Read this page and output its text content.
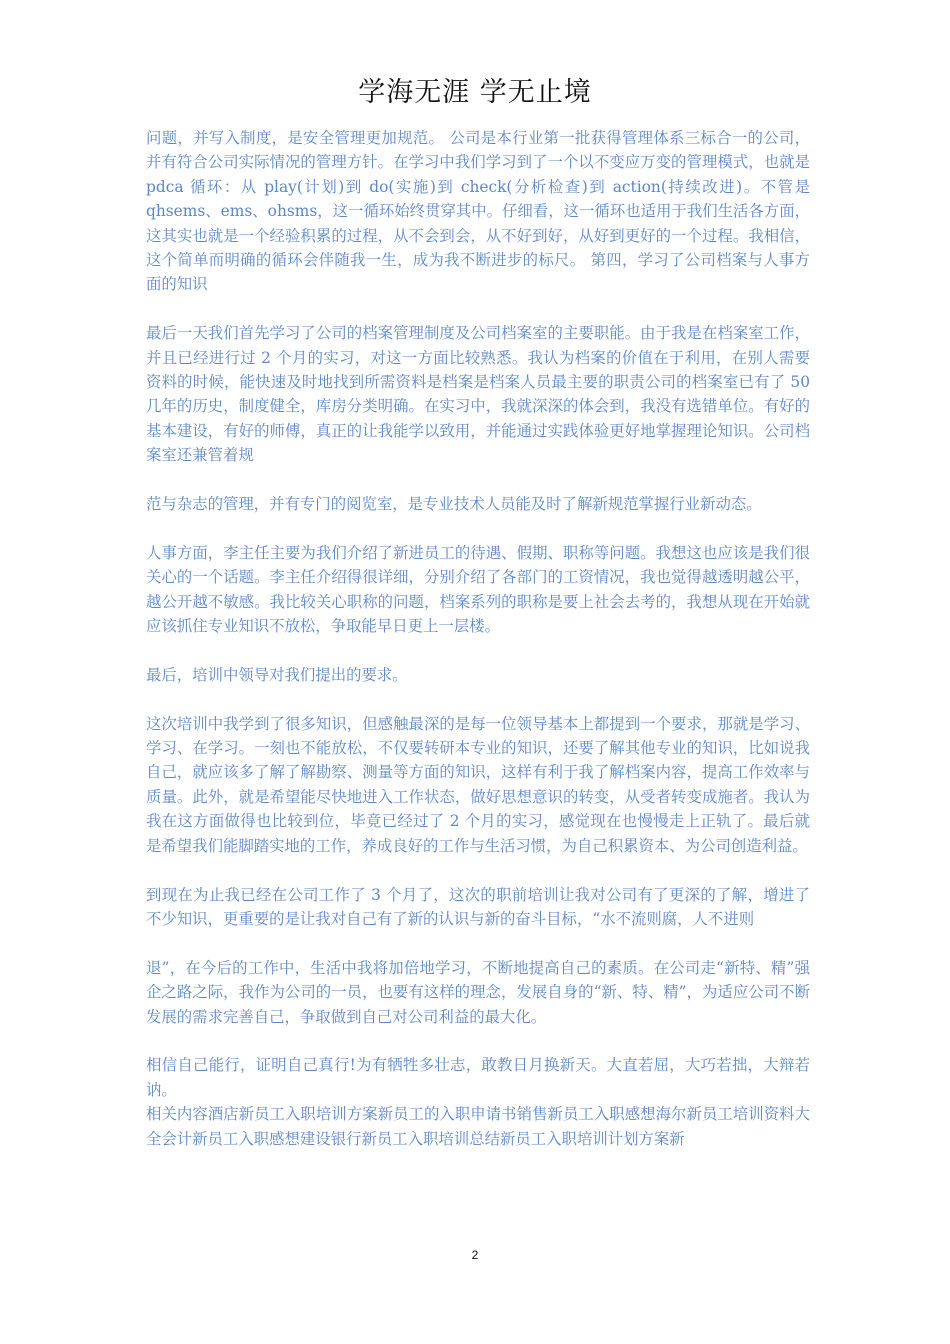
学海无涯 学无止境

问题，并写入制度，是安全管理更加规范。 公司是本行业第一批获得管理体系三标合一的公司，并有符合公司实际情况的管理方针。在学习中我们学习到了一个以不变应万变的管理模式，也就是 pdca 循环：从 play(计划)到 do(实施)到 check(分析检查)到 action(持续改进)。不管是 qhsems、ems、ohsms，这一循环始终贯穿其中。仔细看，这一循环也适用于我们生活各方面，这其实也就是一个经验积累的过程，从不会到会，从不好到好，从好到更好的一个过程。我相信，这个简单而明确的循环会伴随我一生，成为我不断进步的标尺。 第四，学习了公司档案与人事方面的知识

最后一天我们首先学习了公司的档案管理制度及公司档案室的主要职能。由于我是在档案室工作，并且已经进行过 2 个月的实习，对这一方面比较熟悉。我认为档案的价值在于利用，在别人需要资料的时候，能快速及时地找到所需资料是档案是档案人员最主要的职责公司的档案室已有了 50 几年的历史，制度健全，库房分类明确。在实习中，我就深深的体会到，我没有选错单位。有好的基本建设，有好的师傅，真正的让我能学以致用，并能通过实践体验更好地掌握理论知识。公司档案室还兼管着规

范与杂志的管理，并有专门的阅览室，是专业技术人员能及时了解新规范掌握行业新动态。

人事方面，李主任主要为我们介绍了新进员工的待遇、假期、职称等问题。我想这也应该是我们很关心的一个话题。李主任介绍得很详细，分别介绍了各部门的工资情况，我也觉得越透明越公平，越公开越不敏感。我比较关心职称的问题，档案系列的职称是要上社会去考的，我想从现在开始就应该抓住专业知识不放松，争取能早日更上一层楼。

最后，培训中领导对我们提出的要求。

这次培训中我学到了很多知识，但感触最深的是每一位领导基本上都提到一个要求，那就是学习、学习、在学习。一刻也不能放松，不仅要转研本专业的知识，还要了解其他专业的知识，比如说我自己，就应该多了解了解勘察、测量等方面的知识，这样有利于我了解档案内容，提高工作效率与质量。此外，就是希望能尽快地进入工作状态，做好思想意识的转变，从受者转变成施者。我认为我在这方面做得也比较到位，毕竟已经过了 2 个月的实习，感觉现在也慢慢走上正轨了。最后就是希望我们能脚踏实地的工作，养成良好的工作与生活习惯，为自己积累资本、为公司创造利益。

到现在为止我已经在公司工作了 3 个月了，这次的职前培训让我对公司有了更深的了解，增进了不少知识，更重要的是让我对自己有了新的认识与新的奋斗目标，“水不流则腐，人不进则

退”，在今后的工作中，生活中我将加倍地学习，不断地提高自己的素质。在公司走“新特、精”强企之路之际，我作为公司的一员，也要有这样的理念，发展自身的“新、特、精”，为适应公司不断发展的需求完善自己，争取做到自己对公司利益的最大化。

相信自己能行，证明自己真行!为有牺牲多壮志，敢教日月换新天。大直若屈，大巧若拙，大辩若讷。

相关内容酒店新员工入职培训方案新员工的入职申请书销售新员工入职感想海尔新员工培训资料大全会计新员工入职感想建设银行新员工入职培训总结新员工入职培训计划方案新

2
